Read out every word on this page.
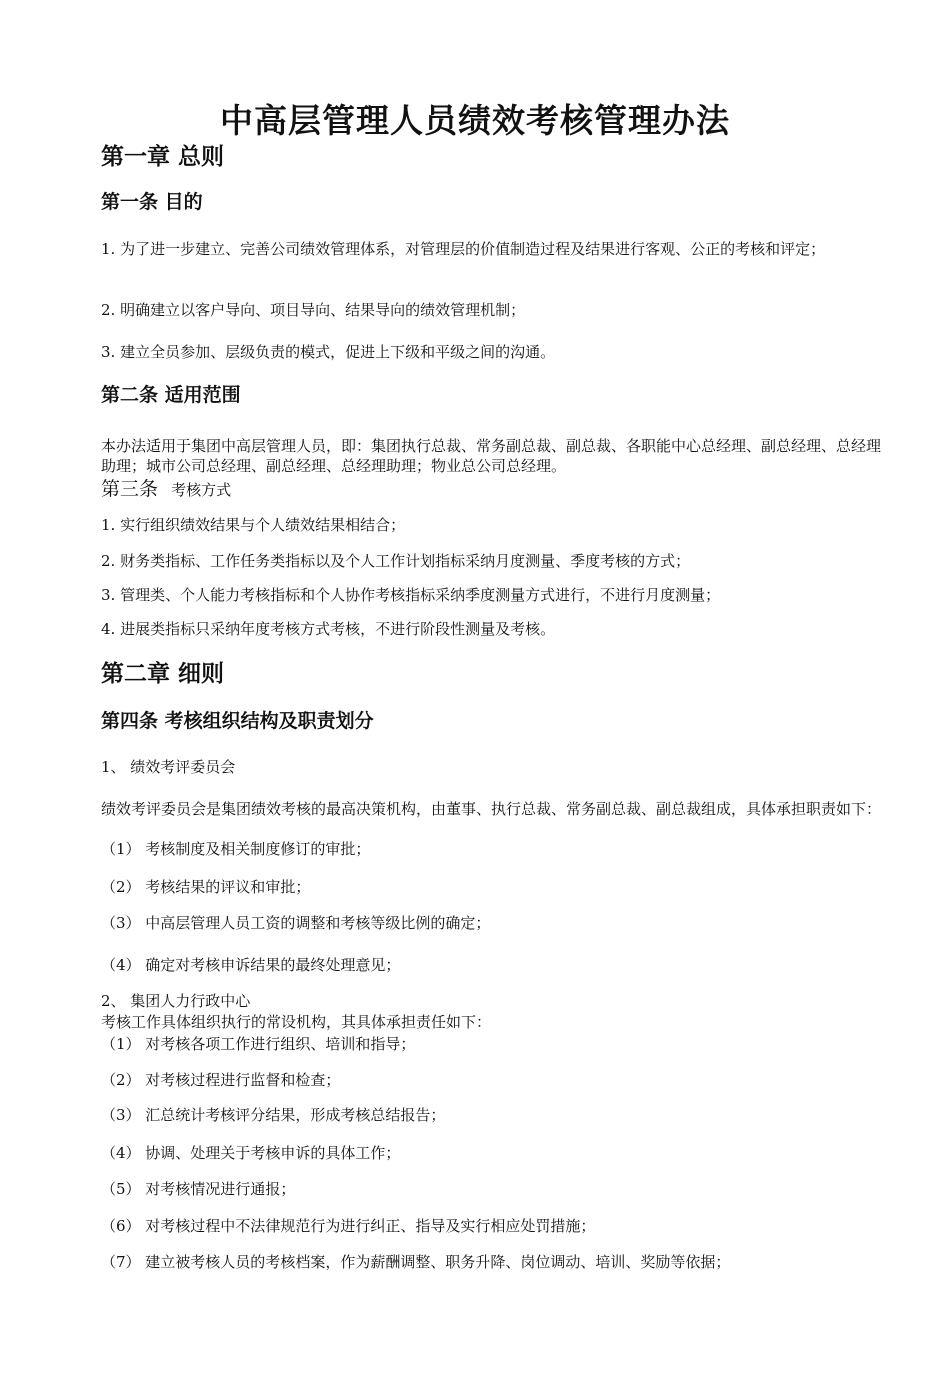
中高层管理人员绩效考核管理办法
第一章 总则
第一条 目的

1. 为了进一步建立、完善公司绩效管理体系，对管理层的价值制造过程及结果进行客观、公正的考核和评定；

2. 明确建立以客户导向、项目导向、结果导向的绩效管理机制；

3. 建立全员参加、层级负责的模式，促进上下级和平级之间的沟通。

第二条 适用范围

本办法适用于集团中高层管理人员，即：集团执行总裁、常务副总裁、副总裁、各职能中心总经理、副总经理、总经理助理；城市公司总经理、副总经理、总经理助理；物业总公司总经理。

第三条 考核方式

1. 实行组织绩效结果与个人绩效结果相结合；

2. 财务类指标、工作任务类指标以及个人工作计划指标采纳月度测量、季度考核的方式；

3. 管理类、个人能力考核指标和个人协作考核指标采纳季度测量方式进行，不进行月度测量；

4. 进展类指标只采纳年度考核方式考核，不进行阶段性测量及考核。

第二章 细则
第四条 考核组织结构及职责划分

1、 绩效考评委员会

绩效考评委员会是集团绩效考核的最高决策机构，由董事、执行总裁、常务副总裁、副总裁组成，具体承担职责如下：

（1） 考核制度及相关制度修订的审批；

（2） 考核结果的评议和审批；

（3） 中高层管理人员工资的调整和考核等级比例的确定；

（4） 确定对考核申诉结果的最终处理意见；

2、 集团人力行政中心

考核工作具体组织执行的常设机构，其具体承担责任如下：

（1） 对考核各项工作进行组织、培训和指导；

（2） 对考核过程进行监督和检查；

（3） 汇总统计考核评分结果，形成考核总结报告；

（4） 协调、处理关于考核申诉的具体工作；

（5） 对考核情况进行通报；

（6） 对考核过程中不法律规范行为进行纠正、指导及实行相应处罚措施；

（7） 建立被考核人员的考核档案，作为薪酬调整、职务升降、岗位调动、培训、奖励等依据；
